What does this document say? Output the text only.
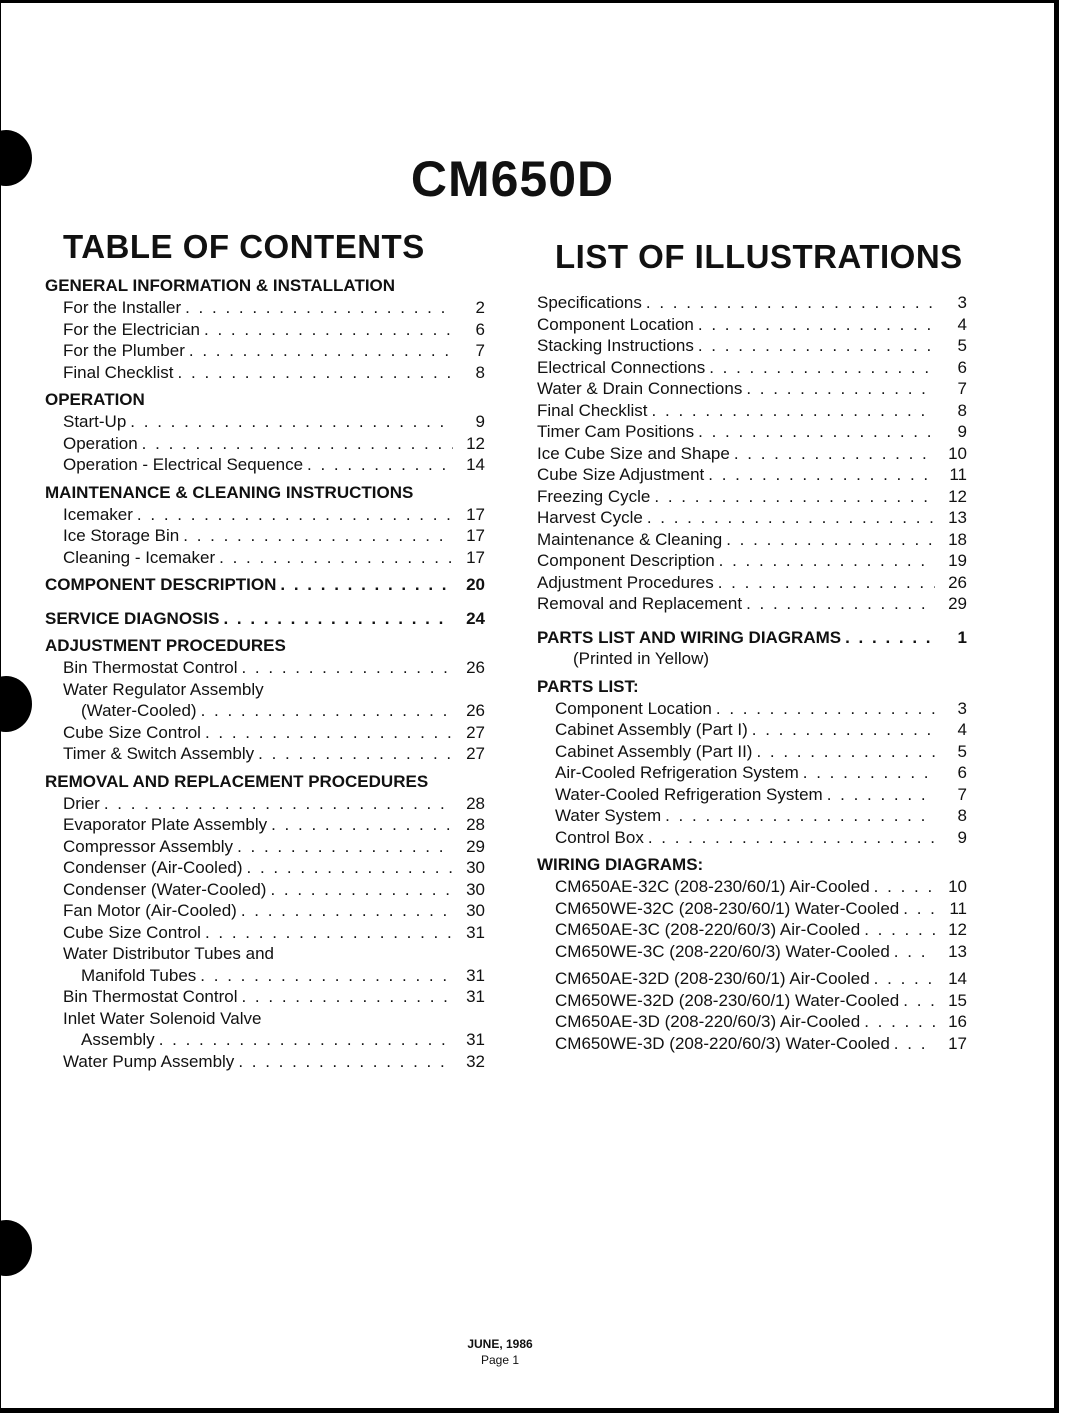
CM650D
TABLE OF CONTENTS	LIST OF ILLUSTRATIONS
GENERAL INFORMATION & INSTALLATION
For the Installer . . .	2
For the Electrician . . .	6
For the Plumber . . .	7
Final Checklist . . .	8
OPERATION
Start-Up . . .	9
Operation . . .	12
Operation - Electrical Sequence . . .	14
MAINTENANCE & CLEANING INSTRUCTIONS
Icemaker . . .	17
Ice Storage Bin . . .	17
Cleaning - Icemaker . . .	17
COMPONENT DESCRIPTION . . .	20
SERVICE DIAGNOSIS . . .	24
ADJUSTMENT PROCEDURES
Bin Thermostat Control . . .	26
Water Regulator Assembly
(Water-Cooled) . . .	26
Cube Size Control . . .	27
Timer & Switch Assembly . . .	27
REMOVAL AND REPLACEMENT PROCEDURES
Drier . . .	28
Evaporator Plate Assembly . . .	28
Compressor Assembly . . .	29
Condenser (Air-Cooled) . . .	30
Condenser (Water-Cooled) . . .	30
Fan Motor (Air-Cooled) . . .	30
Cube Size Control . . .	31
Water Distributor Tubes and
Manifold Tubes . . .	31
Bin Thermostat Control . . .	31
Inlet Water Solenoid Valve
Assembly . . .	31
Water Pump Assembly . . .	32
Specifications . . .	3
Component Location . . .	4
Stacking Instructions . . .	5
Electrical Connections . . .	6
Water & Drain Connections . . .	7
Final Checklist . . .	8
Timer Cam Positions . . .	9
Ice Cube Size and Shape . . .	10
Cube Size Adjustment . . .	11
Freezing Cycle . . .	12
Harvest Cycle . . .	13
Maintenance & Cleaning . . .	18
Component Description . . .	19
Adjustment Procedures . . .	26
Removal and Replacement . . .	29
PARTS LIST AND WIRING DIAGRAMS . . .	1
(Printed in Yellow)
PARTS LIST:
Component Location . . .	3
Cabinet Assembly (Part I) . . .	4
Cabinet Assembly (Part II) . . .	5
Air-Cooled Refrigeration System . . .	6
Water-Cooled Refrigeration System . . .	7
Water System . . .	8
Control Box . . .	9
WIRING DIAGRAMS:
CM650AE-32C (208-230/60/1) Air-Cooled . . .	10
CM650WE-32C (208-230/60/1) Water-Cooled . . .	11
CM650AE-3C (208-220/60/3) Air-Cooled . . .	12
CM650WE-3C (208-220/60/3) Water-Cooled . . .	13
CM650AE-32D (208-230/60/1) Air-Cooled . . .	14
CM650WE-32D (208-230/60/1) Water-Cooled . . .	15
CM650AE-3D (208-220/60/3) Air-Cooled . . .	16
CM650WE-3D (208-220/60/3) Water-Cooled . . .	17
JUNE, 1986
Page 1
